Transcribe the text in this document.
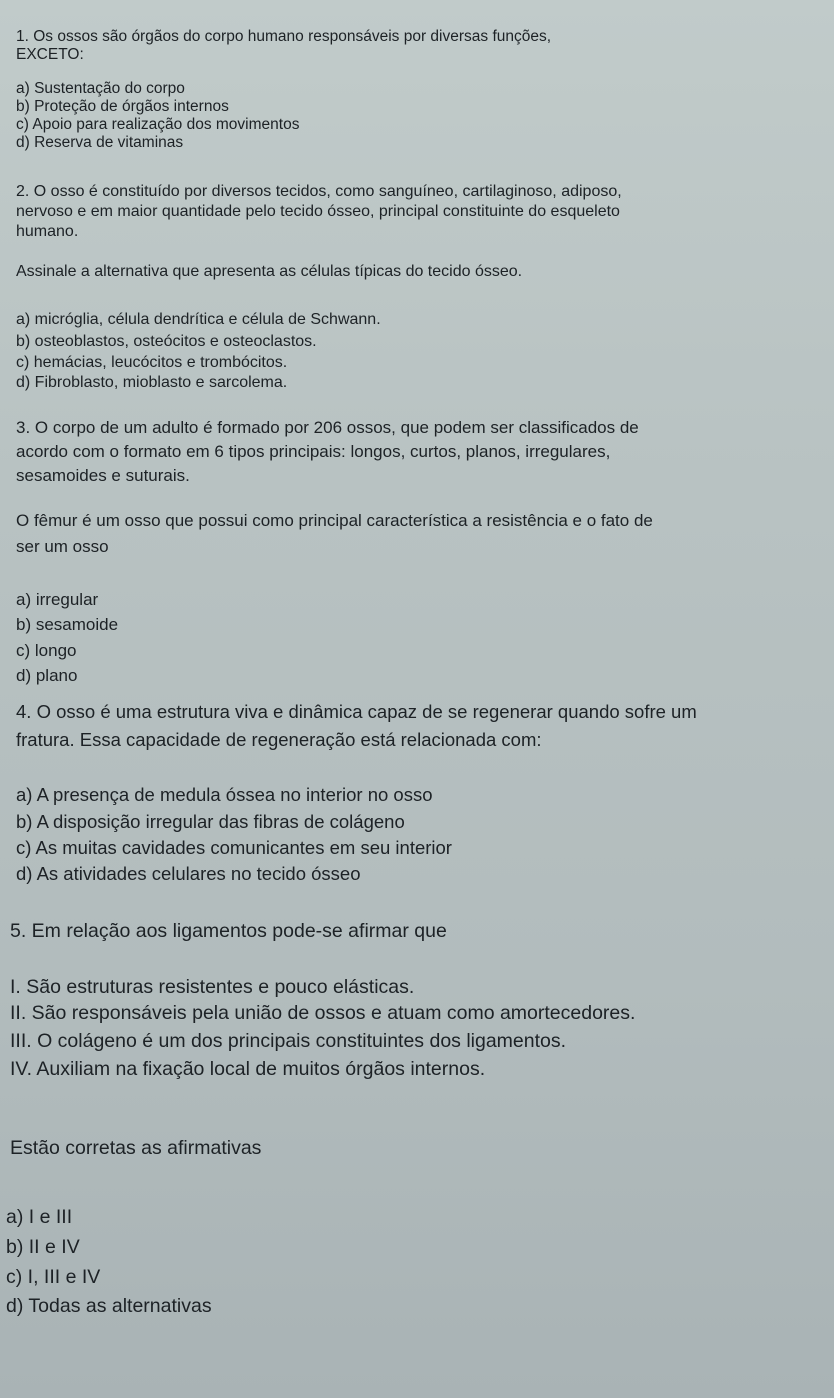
1. Os ossos são órgãos do corpo humano responsáveis por diversas funções,
EXCETO:
a) Sustentação do corpo
b) Proteção de órgãos internos
c) Apoio para realização dos movimentos
d) Reserva de vitaminas
2. O osso é constituído por diversos tecidos, como sanguíneo, cartilaginoso, adiposo,
nervoso e em maior quantidade pelo tecido ósseo, principal constituinte do esqueleto
humano.
Assinale a alternativa que apresenta as células típicas do tecido ósseo.
a) micróglia, célula dendrítica e célula de Schwann.
b) osteoblastos, osteócitos e osteoclastos.
c) hemácias, leucócitos e trombócitos.
d) Fibroblasto, mioblasto e sarcolema.
3. O corpo de um adulto é formado por 206 ossos, que podem ser classificados de
acordo com o formato em 6 tipos principais: longos, curtos, planos, irregulares,
sesamoides e suturais.
O fêmur é um osso que possui como principal característica a resistência e o fato de
ser um osso
a) irregular
b) sesamoide
c) longo
d) plano
4. O osso é uma estrutura viva e dinâmica capaz de se regenerar quando sofre um
fratura. Essa capacidade de regeneração está relacionada com:
a) A presença de medula óssea no interior no osso
b) A disposição irregular das fibras de colágeno
c) As muitas cavidades comunicantes em seu interior
d) As atividades celulares no tecido ósseo
5. Em relação aos ligamentos pode-se afirmar que
I. São estruturas resistentes e pouco elásticas.
II. São responsáveis pela união de ossos e atuam como amortecedores.
III. O colágeno é um dos principais constituintes dos ligamentos.
IV. Auxiliam na fixação local de muitos órgãos internos.
Estão corretas as afirmativas
a) I e III
b) II e IV
c) I, III e IV
d) Todas as alternativas
